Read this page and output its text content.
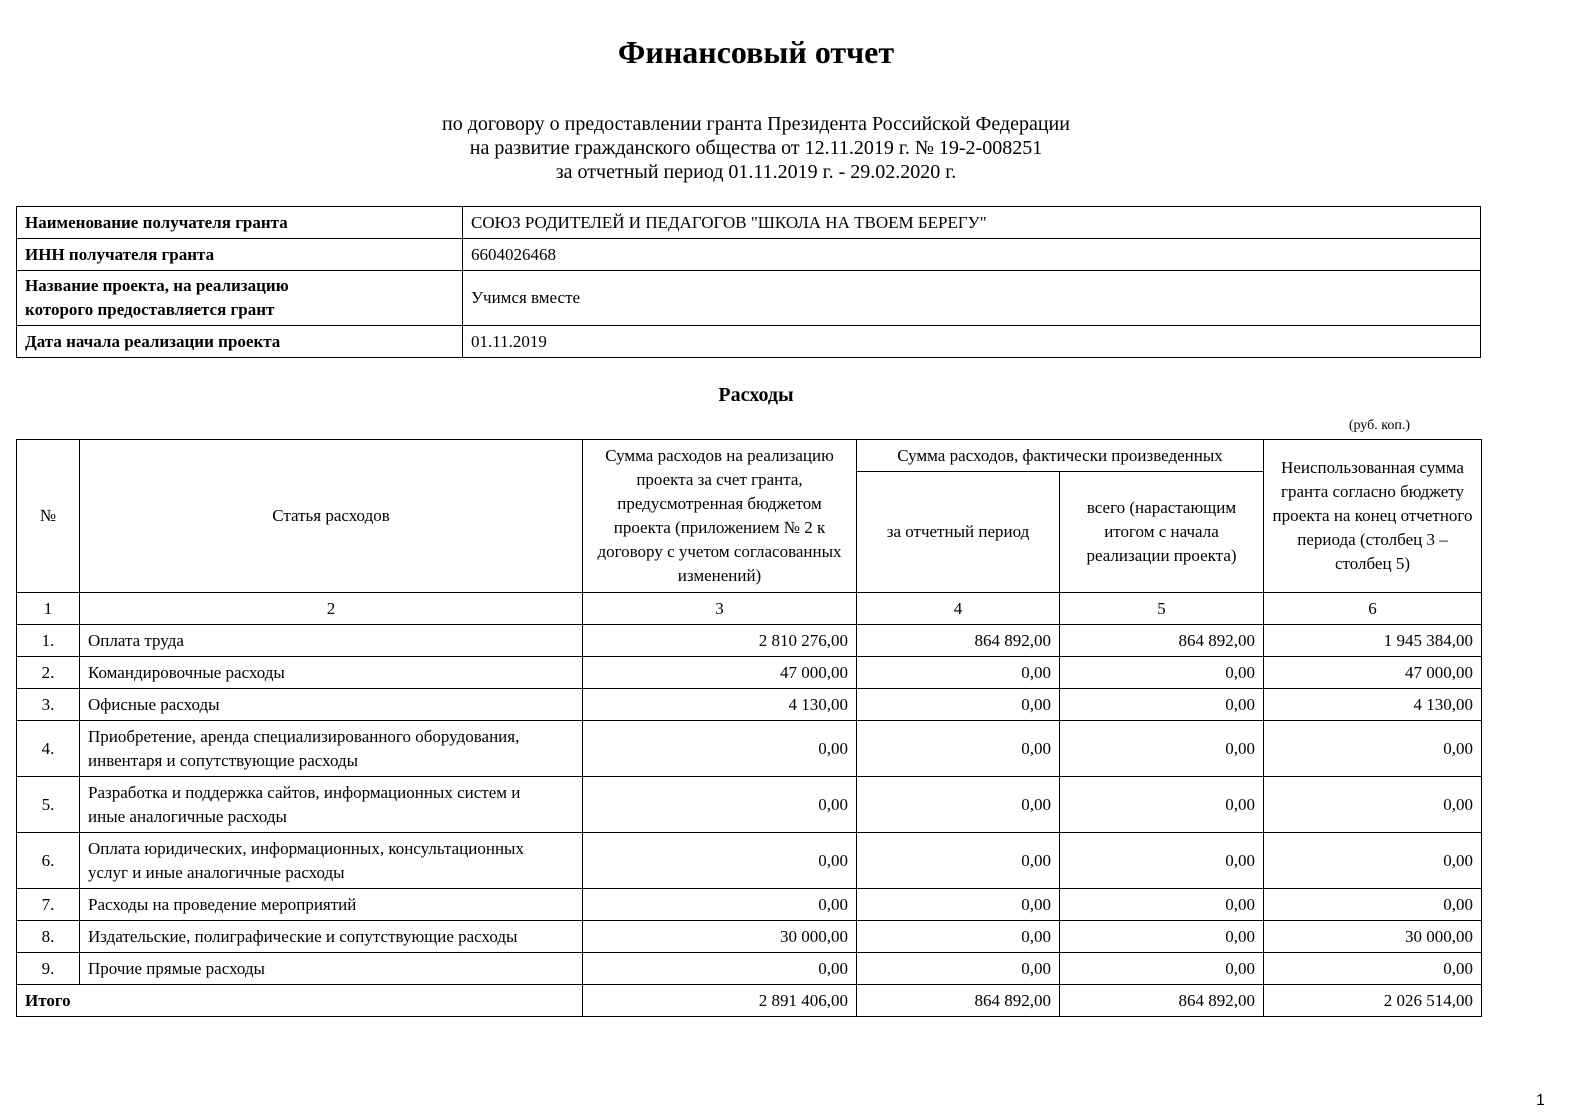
Финансовый отчет
по договору о предоставлении гранта Президента Российской Федерации
на развитие гражданского общества от 12.11.2019 г. № 19-2-008251
за отчетный период 01.11.2019 г. - 29.02.2020 г.
Наименование получателя гранта	СОЮЗ РОДИТЕЛЕЙ И ПЕДАГОГОВ "ШКОЛА НА ТВОЕМ БЕРЕГУ"
ИНН получателя гранта	6604026468
Название проекта, на реализацию
которого предоставляется грант	Учимся вместе
Дата начала реализации проекта	01.11.2019
Расходы
(руб. коп.)
№	Статья расходов	Сумма расходов на реализацию проекта за счет гранта, предусмотренная бюджетом проекта (приложением № 2 к договору с учетом согласованных изменений)	Сумма расходов, фактически произведенных		Неиспользованная сумма гранта согласно бюджету проекта на конец отчетного периода (столбец 3 – столбец 5)
			за отчетный период	всего (нарастающим итогом с начала реализации проекта)	
1	2	3	4	5	6
1.	Оплата труда	2 810 276,00	864 892,00	864 892,00	1 945 384,00
2.	Командировочные расходы	47 000,00	0,00	0,00	47 000,00
3.	Офисные расходы	4 130,00	0,00	0,00	4 130,00
4.	Приобретение, аренда специализированного оборудования,
инвентаря и сопутствующие расходы	0,00	0,00	0,00	0,00
5.	Разработка и поддержка сайтов, информационных систем и
иные аналогичные расходы	0,00	0,00	0,00	0,00
6.	Оплата юридических, информационных, консультационных
услуг и иные аналогичные расходы	0,00	0,00	0,00	0,00
7.	Расходы на проведение мероприятий	0,00	0,00	0,00	0,00
8.	Издательские, полиграфические и сопутствующие расходы	30 000,00	0,00	0,00	30 000,00
9.	Прочие прямые расходы	0,00	0,00	0,00	0,00
Итого		2 891 406,00	864 892,00	864 892,00	2 026 514,00
1
